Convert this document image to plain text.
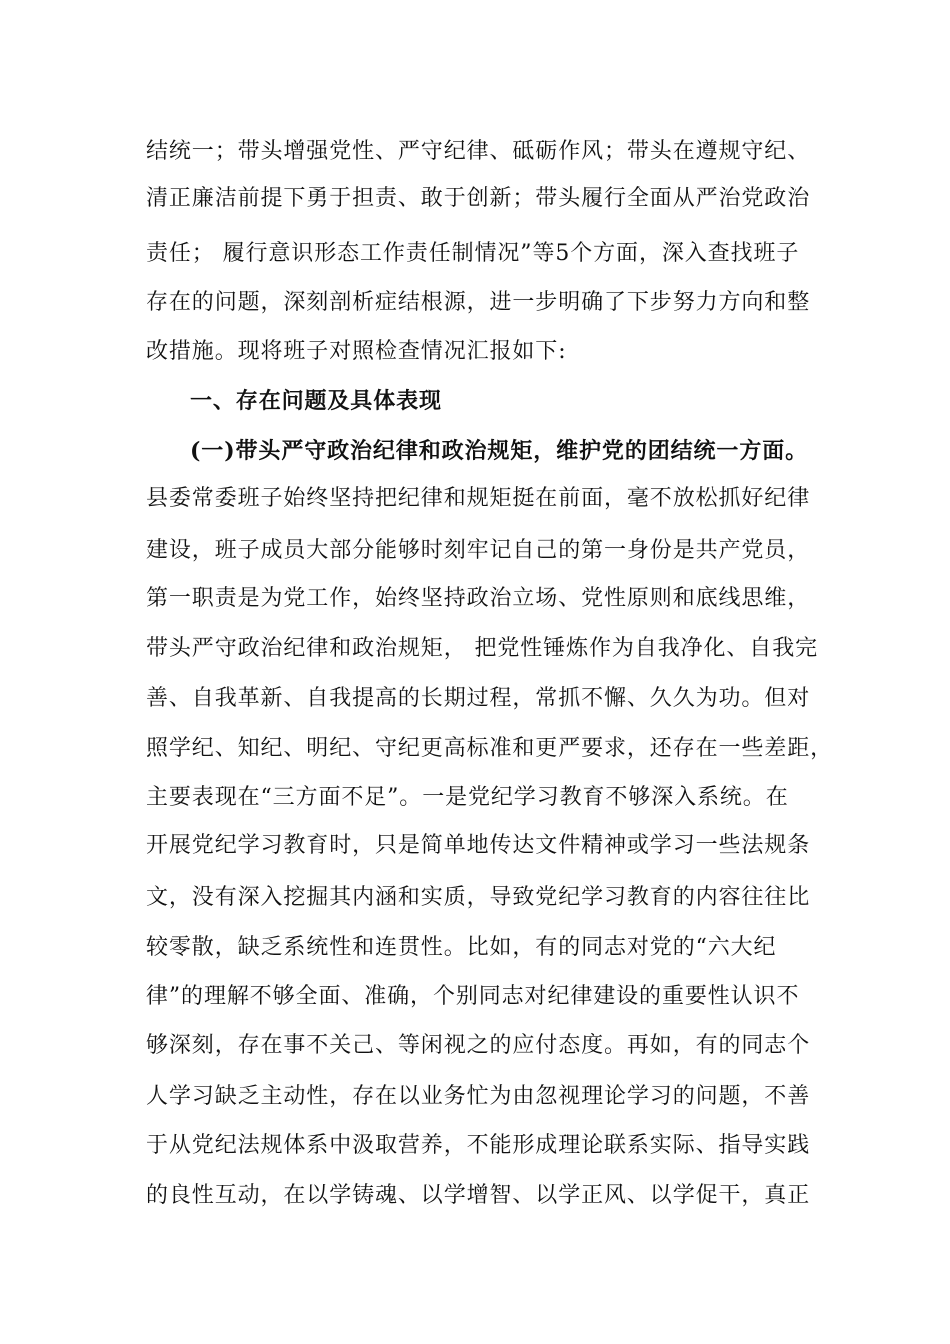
结统一；带头增强党性、严守纪律、砥砺作风；带头在遵规守纪、
清正廉洁前提下勇于担责、敢于创新；带头履行全面从严治党政治
责任； 履行意识形态工作责任制情况”等5个方面，深入查找班子
存在的问题，深刻剖析症结根源，进一步明确了下步努力方向和整
改措施。现将班子对照检查情况汇报如下:
一、存在问题及具体表现
(一)带头严守政治纪律和政治规矩，维护党的团结统一方面。
县委常委班子始终坚持把纪律和规矩挺在前面，毫不放松抓好纪律
建设，班子成员大部分能够时刻牢记自己的第一身份是共产党员，
第一职责是为党工作，始终坚持政治立场、党性原则和底线思维，
带头严守政治纪律和政治规矩， 把党性锤炼作为自我净化、自我完
善、自我革新、自我提高的长期过程，常抓不懈、久久为功。但对
照学纪、知纪、明纪、守纪更高标准和更严要求，还存在一些差距，
主要表现在“三方面不足”。一是党纪学习教育不够深入系统。在
开展党纪学习教育时，只是简单地传达文件精神或学习一些法规条
文，没有深入挖掘其内涵和实质，导致党纪学习教育的内容往往比
较零散，缺乏系统性和连贯性。比如，有的同志对党的“六大纪
律”的理解不够全面、准确，个别同志对纪律建设的重要性认识不
够深刻，存在事不关己、等闲视之的应付态度。再如，有的同志个
人学习缺乏主动性，存在以业务忙为由忽视理论学习的问题，不善
于从党纪法规体系中汲取营养，不能形成理论联系实际、指导实践
的良性互动，在以学铸魂、以学增智、以学正风、以学促干，真正
